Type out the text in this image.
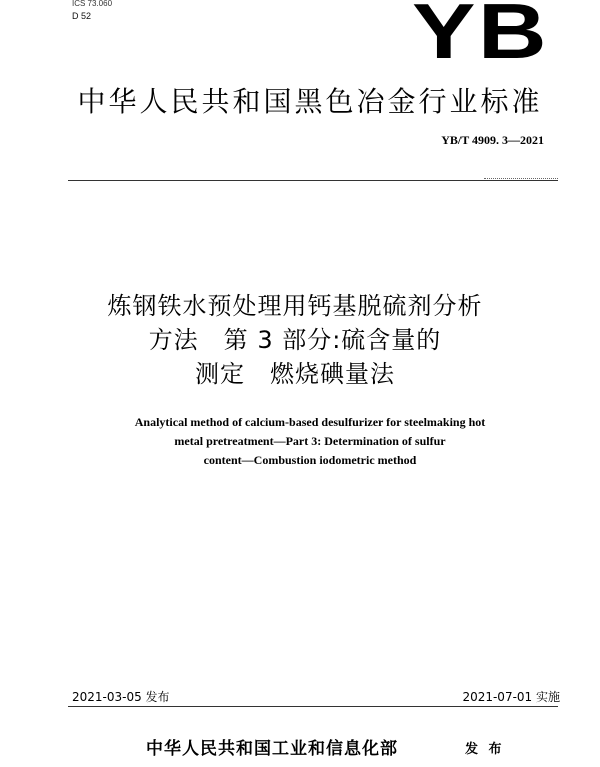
ICS 73.060
D 52	YB
中华人民共和国黑色冶金行业标准
YB/T 4909. 3—2021
炼钢铁水预处理用钙基脱硫剂分析
方法　第 3 部分:硫含量的
测定　燃烧碘量法
Analytical method of calcium-based desulfurizer for steelmaking hot
metal pretreatment—Part 3: Determination of sulfur
content—Combustion iodometric method
2021-03-05 发布	2021-07-01 实施
中华人民共和国工业和信息化部	发 布
